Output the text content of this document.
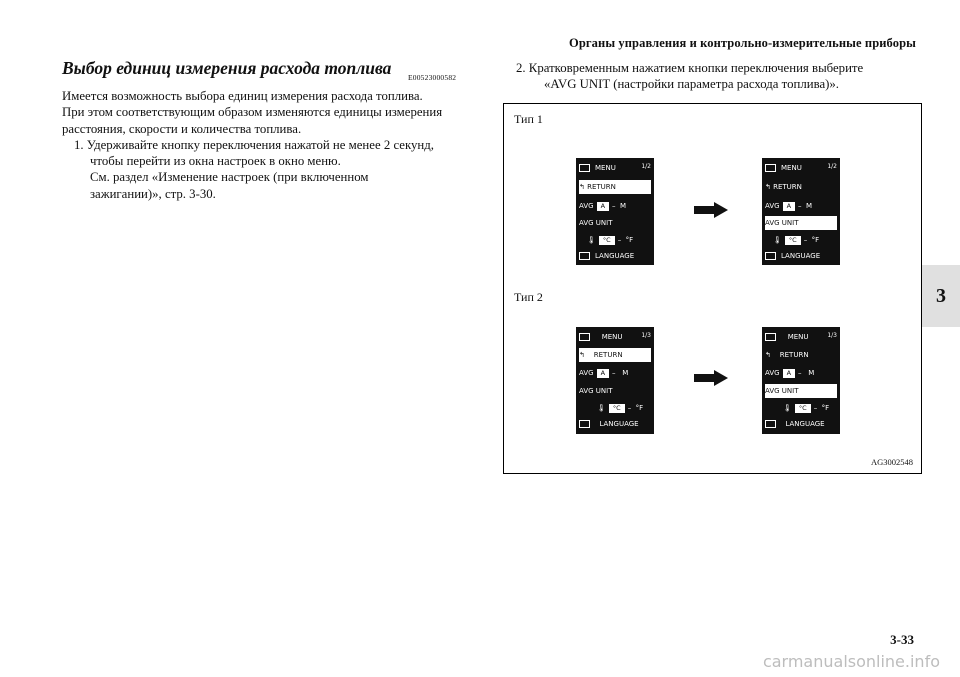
Органы управления и контрольно-измерительные приборы
3
Выбор единиц измерения расхода топлива E00523000582

Имеется возможность выбора единиц измерения расхода топлива.

При этом соответствующим образом изменяются единицы измерения

расстояния, скорости и количества топлива.

1. Удерживайте кнопку переключения нажатой не менее 2 секунд,

чтобы перейти из окна настроек в окно меню.

См. раздел «Изменение настроек (при включенном

зажигании)», стр. 3-30.

2. Кратковременным нажатием кнопки переключения выберите

«AVG UNIT (настройки параметра расхода топлива)».

Тип 1
Тип 2
MENU	1/2
↰ RETURN
AVG	A	–
M
AVG UNIT
🌡	°C	–
°F
LANGUAGE
MENU	1/2
↰ RETURN
AVG	A	–
M
AVG UNIT
🌡	°C	–
°F
LANGUAGE

MENU	1/3
↰ RETURN
AVG	A	–
M
AVG UNIT
🌡	°C	–
°F

LANGUAGE

MENU	1/3
↰ RETURN
AVG	A	–
M
AVG UNIT
🌡	°C	–
°F

LANGUAGE
AG3002548
3-33
carmanualsonline.info
